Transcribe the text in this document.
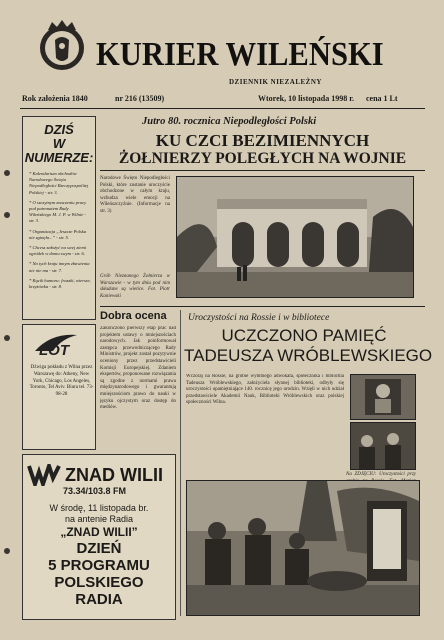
KURIER WILEŃSKI
DZIENNIK NIEZALEŻNY
Rok założenia 1840	nr 216 (13509)	Wtorek, 10 listopada 1998 r. cena 1 Lt
DZIŚ
W
NUMERZE:
* Kalendarium obchodów Narodowego Święta Niepodległości Rzeczypospolitej Polskiej - str. 3.
* O szczytnym znaczeniu pracy pod patronatem Rady Wileńskiego M. J. P. w Wilnie - str. 3.
* Organizacja „Jeszcze Polska nie zginęła...” - str. 5.
* Chcesz założyć na swej ziemi ogródek w domu swym - str. 6.
* Na tych kraju innym zbawienia nie nie ma - str. 7.
* Kącik humoru: fraszki, wiersze, krzyżówka - str. 8.
LOT
Dźwiga pokładu z Wilna przez Warszawę do: Atheny, New York, Chicago, Los Angeles, Toronto, Tel Aviv. Biura tel. 73-98-28
ZNAD WILII
73.34/103.8 FM
W środę, 11 listopada br.
na antenie Radia
„ZNAD WILII”
DZIEŃ
5 PROGRAMU
POLSKIEGO
RADIA
Jutro 80. rocznica Niepodległości Polski
KU CZCI BEZIMIENNYCH
ŻOŁNIERZY POLEGŁYCH NA WOJNIE
Narodowe Święto Niepodległości Polski, które zostanie uroczyście obchodzone w całym kraju, wzbudza wiele emocji na Wileńszczyźnie. (Informacje na str. 3)
Grób Nieznanego Żołnierza w Warszawie - w tym dniu pod nim składane są wieńce. Fot. Piotr Kaniewski
Dobra ocena
Zakończono pierwszy etap prac nad projektem ustawy o mniejszościach narodowych. Jak poinformował zastępca przewodniczącego Rady Ministrów, projekt został pozytywnie oceniony przez przedstawicieli Komisji Europejskiej. Zdaniem ekspertów, proponowane rozwiązania są zgodne z normami prawa międzynarodowego i gwarantują mniejszościom prawo do nauki w języku ojczystym oraz dostęp do mediów.
Uroczystości na Rossie i w bibliotece
UCZCZONO PAMIĘĆ
TADEUSZA WRÓBLEWSKIEGO
Wczoraj na Rossie, na grobie wybitnego adwokata, społecznika i bibliofila Tadeusza Wróblewskiego, założyciela słynnej biblioteki, odbyły się uroczystości upamiętniające 140. rocznicę jego urodzin. Wzięli w nich udział przedstawiciele Akademii Nauk, Biblioteki Wróblewskich oraz polskiej społeczności Wilna.
Na ZDJĘCIU: Uroczystości przy
